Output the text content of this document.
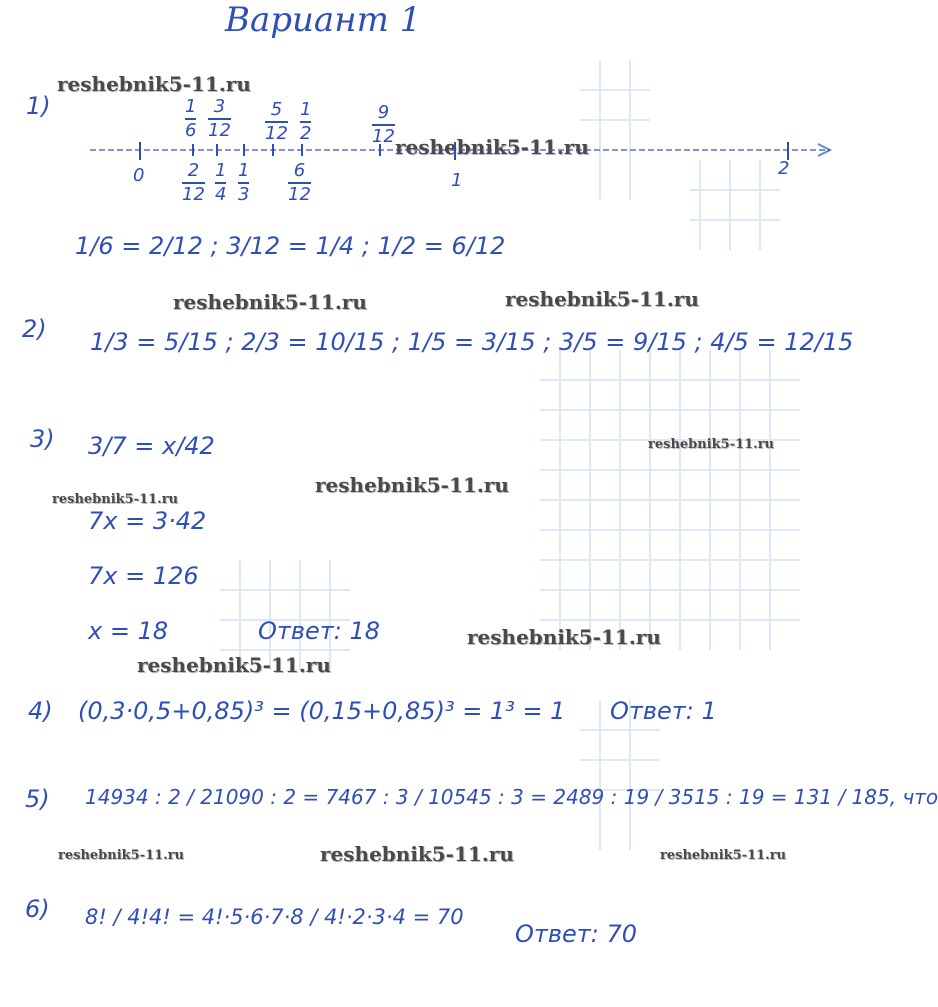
Вариант 1
reshebnik5-11.ru
reshebnik5-11.ru
reshebnik5-11.ru	reshebnik5-11.ru
reshebnik5-11.ru
reshebnik5-11.ru
reshebnik5-11.ru
reshebnik5-11.ru
reshebnik5-11.ru
reshebnik5-11.ru	reshebnik5-11.ru	reshebnik5-11.ru
1)	1
6
3
12
5
12
1
2
9
12
0	1
2
2
12
1
4
1
3
6
12
1/6 = 2/12 ; 3/12 = 1/4 ; 1/2 = 6/12
2) 1/3 = 5/15 ; 2/3 = 10/15 ; 1/5 = 3/15 ; 3/5 = 9/15 ; 4/5 = 12/15
3) 3/7 = x/42
7x = 3·42
7x = 126
x = 18	Ответ: 18
4) (0,3·0,5+0,85)³ = (0,15+0,85)³ = 1³ = 1 Ответ: 1
5) 14934 : 2 / 21090 : 2 = 7467 : 3 / 10545 : 3 = 2489 : 19 / 3515 : 19 = 131 / 185, что
6) 8! / 4!4! = 4!·5·6·7·8 / 4!·2·3·4 = 70
Ответ: 70
